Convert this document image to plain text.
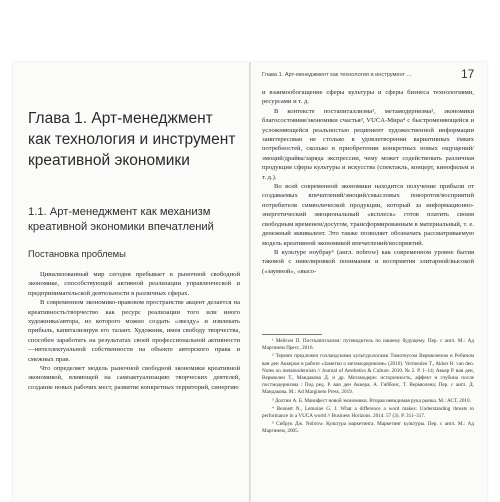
Глава 1. Арт-менеджмент как технология и инструмент креативной экономики
1.1. Арт-менеджмент как механизм креативной экономики впечатлений
Постановка проблемы

Цивилизованный мир сегодня пребывает в рыночной свободной экономике, способствующей активной реализации управленческой и предпринимательской деятельности в различных сферах.

В современном экономико-правовом пространстве акцент делается на креативность/творчество как ресурс реализации того или иного художника/автора, из которого можно создать «звезду» и извлекать прибыль, капитализируя его талант. Художник, имея свободу творчества, способен заработать на результатах своей профессиональной активности—интеллектуальной собственности на объекте авторского права и смежных прав.

Что определяет модель рыночной свободной экономики креативной экономикой, влияющей на самоактуализацию творческих деятелей, создание новых рабочих мест, развитие конкретных территорий, синергию

Глава 1. Арт-менеджмент как технология и инструмент ...	17

и взаимообогащение сферы культуры и сферы бизнеса технологиями, ресурсами и т. д.

В контексте постапиталлизма¹, метамодернизма², экономики благосостояния/экономики счастья³, VUCA-Мира⁴ с быстроменяющейся и усложняющейся реальностью реципиент художественной информации заинтересован не столько в удовлетворении вариативных ёмких потребностей, сколько в приобретении конкретных новых ощущений/эмоций/драйва/заряда экспрессии, чему может содействовать различная продукция сферы культуры и искусства (спектакль, концерт, кинофильм и т. д.).

Во всей современной экономики находится получение прибыли от создаваемых впечатлений/эмоций/смысловых поворотов/восприятий потребителя символической продукции, который за информационно-энергетический эмоциональный «всплеск» готов платить своим свободным временем/досугом, трансформированным в материальный, т. е. денежный эквивалент. Это также позволяет обозначать рассматриваемую модель креативной экономикой впечатлений/восприятий.

В культуре ноубрау⁵ (англ. nobrow) как современном уровне бытия таковой с нивелировкой понимания и восприятия элитарной/высокой («заумной», «высо-

¹ Мейсон П. Посткапитализм: путеводитель по нашему будущему. Пер. с англ. М.: Ад Маргинем Пресс, 2016.

² Термин предложен голландскими культурологами Тимотеусом Вермюленом и Робином ван ден Аккером в работе «Заметки о метамодернизме» (2010). Vermeulen T., Akker R. van den. Notes on metamodernism // Journal of Aesthetics & Culture. 2010. № 2. P. 1–14; Аккер Р. ван ден, Вермюлен Т., Мандакова Д. и др. Метамодерн: историчность, аффект и глубина после постмодернизма / Под ред. Р. ван ден Аккера, А. Гиббонс, Т. Вермюлена; Пер. с англ. Д. Мандакова. М.: Ad Marginem Press, 2019.

³ Долгин А. Б. Манифест новой экономики. Вторая невидимая рука рынка. М.: АСТ, 2010.

⁴ Bennett N., Lemoine G. J. What a difference a word makes: Understanding threats to performance in a VUCA world // Business Horizons. 2014. 57 (3). P. 311–317.

⁵ Сибрук Дж. Nobrow. Культура маркетинга. Маркетинг культуры. Пер. с англ. М.: Ад Маргинем, 2005.
